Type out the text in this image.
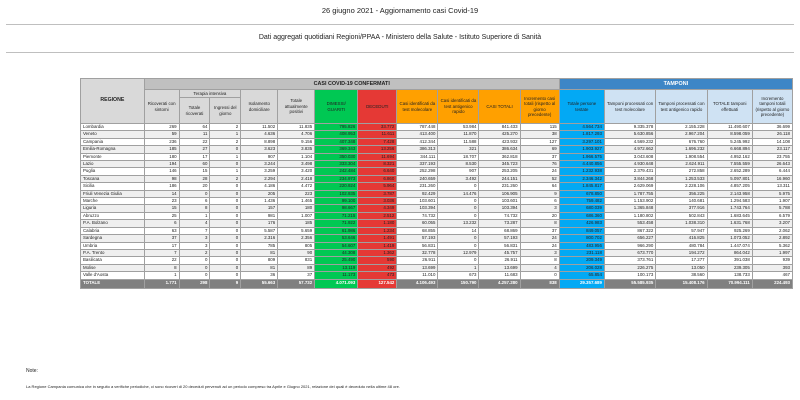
26 giugno 2021 - Aggiornamento casi Covid-19
Dati aggregati quotidiani Regioni/PPAA - Ministero della Salute - Istituto Superiore di Sanità
REGIONE	CASI COVID-19 CONFERMATI											TAMPONI				
	Ricoverati con sintomi	Terapia intensiva		Isolamento domiciliare	Totale attualmente positivi	DIMESSI/ GUARITI	DECEDUTI	Casi identificati da test molecolare	Casi identificati da test antigenico rapido	CASI TOTALI	Incremento casi totali (rispetto al giorno precedente)	Totale persone testate	Tamponi processati con test molecolare	Tamponi processati con test antigenico rapido	TOTALE tamponi effettuati	Incremento tamponi totali (rispetto al giorno precedente)
		Totale ricoverati	Ingressi del giorno													
Lombardia	269	64	2	11.502	11.835	795.826	33.772	787.448	53.984	841.433	115	4.564.734	9.335.378	2.155.228	11.490.607	36.699
Veneto	59	11	1	4.636	4.706	408.953	11.611	413.400	11.870	425.270	38	1.817.293	5.630.856	2.967.204	8.598.059	26.118
Campania	236	22	2	8.898	9.156	407.348	7.428	412.344	11.588	423.932	127	3.297.101	4.569.232	676.760	5.245.992	14.108
Emilia-Romagna	185	27	0	3.623	3.835	369.343	13.256	386.313	321	386.634	69	1.903.927	4.972.662	1.696.232	6.668.894	23.117
Piemonte	180	17	1	907	1.104	350.030	11.694	344.111	18.707	362.818	37	1.966.575	3.043.608	1.908.554	4.952.162	23.755
Lazio	194	60	0	3.244	3.498	333.304	8.321	337.193	8.530	345.723	76	4.440.856	4.930.648	2.624.911	7.555.559	26.643
Puglia	146	15	1	3.259	3.420	242.484	6.640	252.298	907	253.205	24	1.232.938	2.379.431	272.858	2.652.289	6.444
Toscana	98	28	2	2.294	2.418	234.973	6.860	240.659	3.492	244.151	52	2.346.342	3.844.268	1.253.533	5.097.801	16.960
Sicilia	186	20	0	4.186	4.472	220.924	5.964	231.260	0	231.260	64	1.845.817	2.629.069	2.228.106	4.857.205	13.311
Friuli Venezia Giulia	14	0	0	205	223	102.935	3.787	92.429	14.476	106.905	9	678.850	1.787.755	356.225	2.143.958	5.975
Marche	23	6	0	1.436	1.465	99.100	3.036	103.601	0	103.601	6	759.482	1.153.902	140.681	1.294.583	1.907
Liguria	15	8	0	157	180	98.667	4.349	103.394	0	103.394	3	680.039	1.365.848	377.916	1.743.764	5.788
Abruzzo	25	1	0	981	1.007	71.215	2.512	74.732	0	74.732	20	686.360	1.180.802	502.843	1.683.645	6.579
P.A. Bolzano	6	4	0	176	185	71.922	1.180	60.055	13.232	73.287	8	426.983	553.458	1.038.310	1.631.768	3.207
Calabria	63	7	0	5.587	5.659	61.986	1.234	68.855	14	68.869	37	849.057	867.322	57.947	925.269	2.062
Sardegna	37	3	0	2.316	2.356	53.646	1.491	57.193	0	57.193	24	800.702	656.227	416.825	1.073.052	2.892
Umbria	17	3	0	785	805	54.607	1.419	56.831	0	56.831	24	483.956	966.290	480.784	1.447.074	5.362
P.A. Trento	7	2	0	81	90	44.308	1.362	32.778	12.979	45.757	3	231.118	673.770	194.272	864.042	1.997
Basilicata	22	0	0	809	831	25.490	590	26.911	0	26.911	8	209.349	373.761	17.277	391.038	939
Molise	8	0	0	81	89	13.119	492	13.699	1	13.699	4	206.028	226.275	13.050	239.305	393
Valle d'Aosta	1	0	0	36	37	11.173	473	11.010	673	11.683	0	65.854	100.173	38.560	138.733	467
TOTALE	1.771	298	9	55.663	57.732	4.071.093	127.542	4.106.493	150.790	4.257.280	838	29.357.689	55.585.935	15.408.176	70.994.111	224.493
Note:
La Regione Campania comunica che in seguito a verifiche periodiche, ci sono ricoveri di 20 deceduti pervenuti ad un periodo compreso tra Aprile e Giugno 2021, relazione dei quali è deceduto nella ultime 48 ore.
